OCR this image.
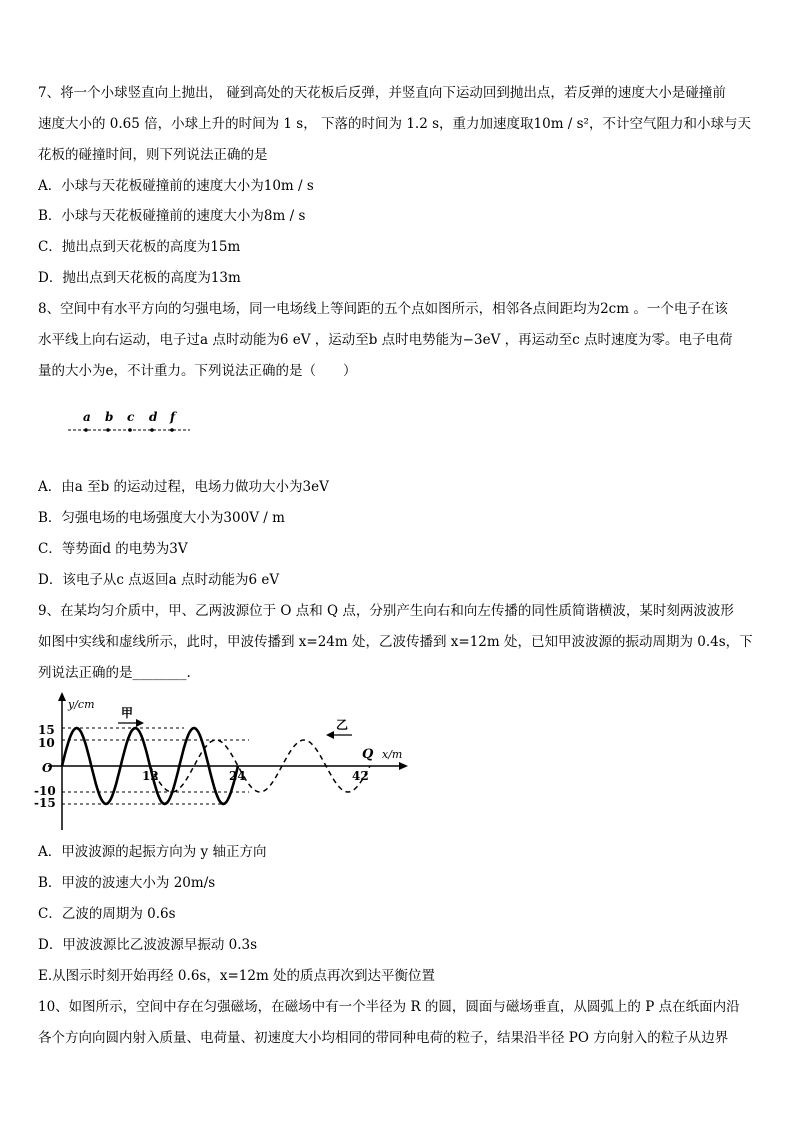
7、将一个小球竖直向上抛出， 碰到高处的天花板后反弹，并竖直向下运动回到抛出点，若反弹的速度大小是碰撞前
速度大小的 0.65 倍，小球上升的时间为 1 s， 下落的时间为 1.2 s，重力加速度取10m / s²，不计空气阻力和小球与天
花板的碰撞时间，则下列说法正确的是
A．小球与天花板碰撞前的速度大小为10m / s
B．小球与天花板碰撞前的速度大小为8m / s
C．抛出点到天花板的高度为15m
D．抛出点到天花板的高度为13m
8、空间中有水平方向的匀强电场，同一电场线上等间距的五个点如图所示，相邻各点间距均为2cm 。一个电子在该
水平线上向右运动，电子过a 点时动能为6 eV ，运动至b 点时电势能为−3eV ，再运动至c 点时速度为零。电子电荷
量的大小为e，不计重力。下列说法正确的是（　　）
a b c d f
A．由a 至b 的运动过程，电场力做功大小为3eV
B．匀强电场的电场强度大小为300V / m
C．等势面d 的电势为3V
D．该电子从c 点返回a 点时动能为6 eV
9、在某均匀介质中，甲、乙两波源位于 O 点和 Q 点，分别产生向右和向左传播的同性质简谐横波，某时刻两波波形
如图中实线和虚线所示，此时，甲波传播到 x=24m 处，乙波传播到 x=12m 处，已知甲波波源的振动周期为 0.4s，下
列说法正确的是________.
y/cm
x/m
Q
O
15
10
-10
-15
12	24	42
甲
乙
A．甲波波源的起振方向为 y 轴正方向
B．甲波的波速大小为 20m/s
C．乙波的周期为 0.6s
D．甲波波源比乙波波源早振动 0.3s
E.从图示时刻开始再经 0.6s，x=12m 处的质点再次到达平衡位置
10、如图所示，空间中存在匀强磁场，在磁场中有一个半径为 R 的圆，圆面与磁场垂直，从圆弧上的 P 点在纸面内沿
各个方向向圆内射入质量、电荷量、初速度大小均相同的带同种电荷的粒子，结果沿半径 PO 方向射入的粒子从边界
